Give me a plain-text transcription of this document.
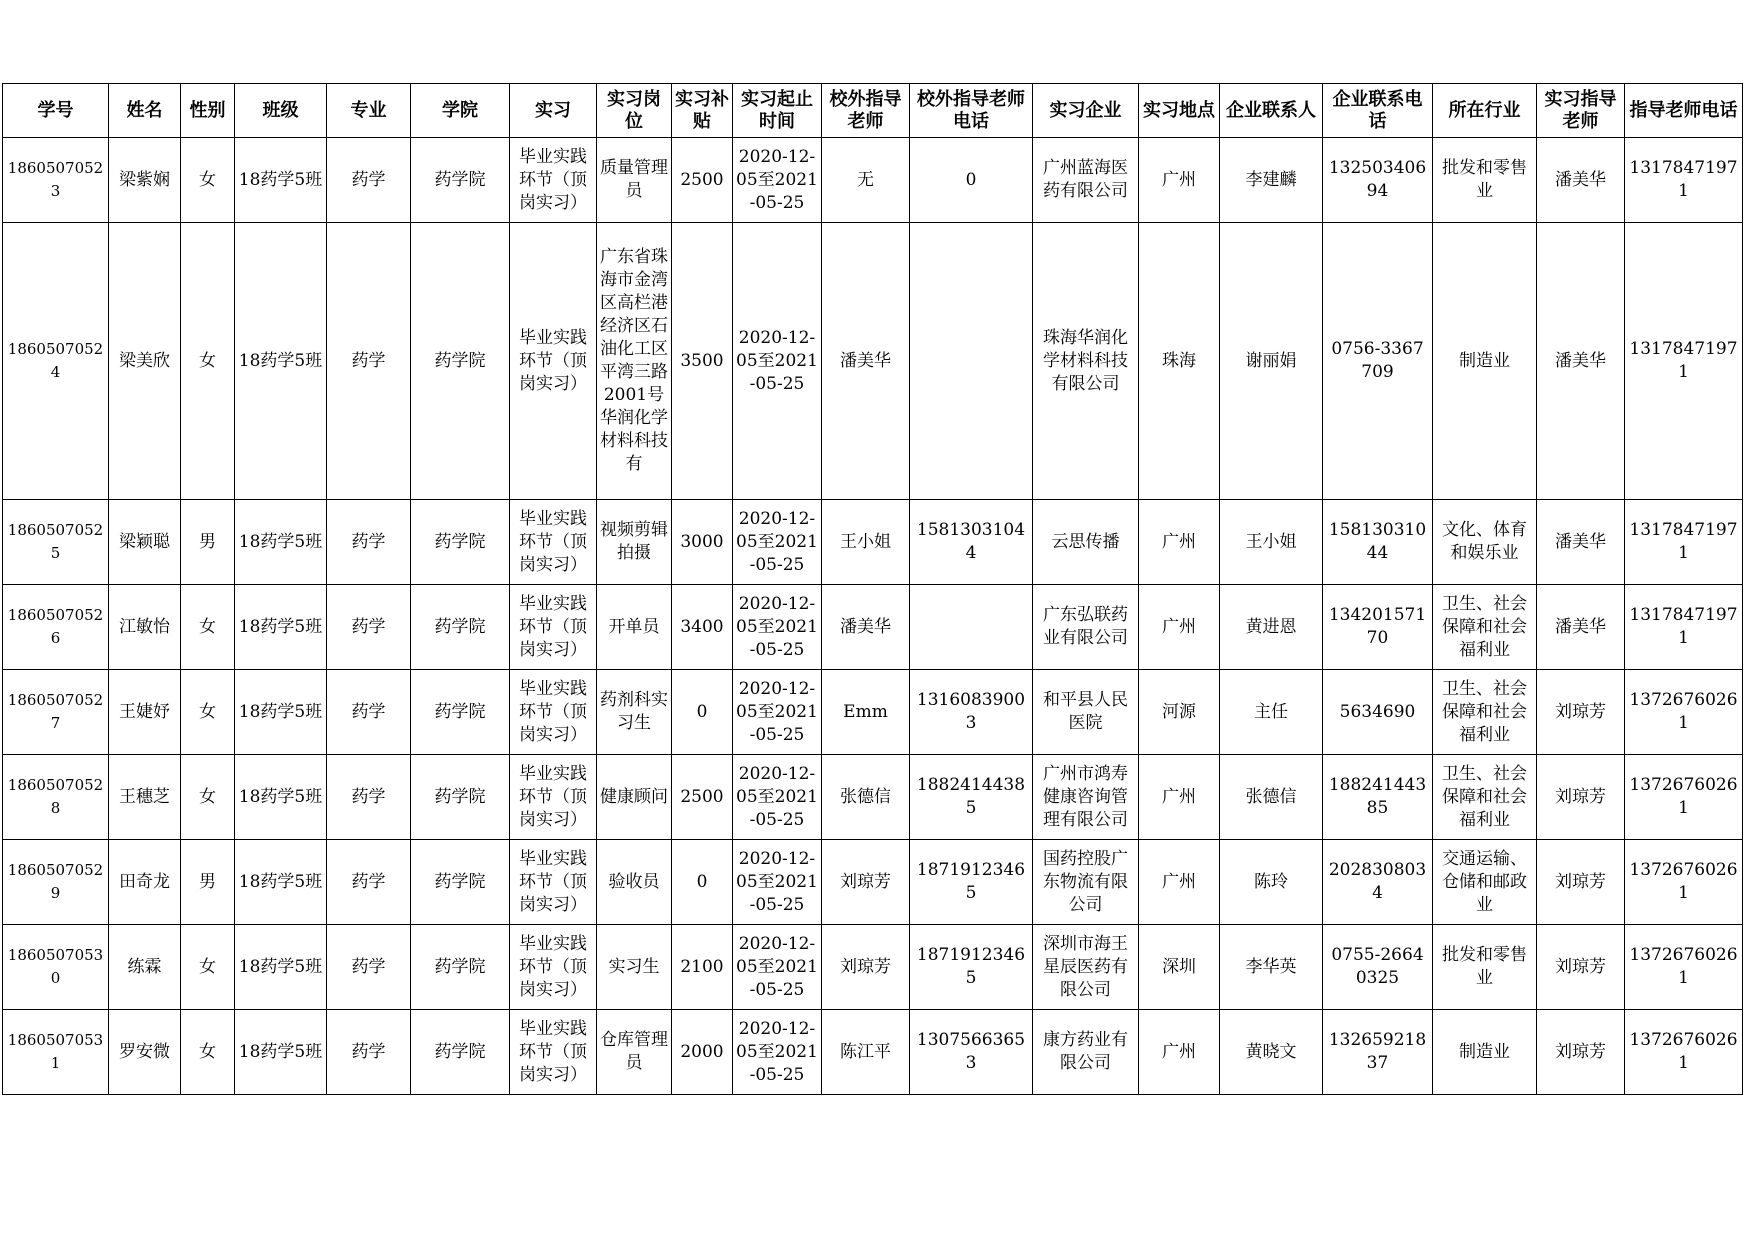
学号	姓名	性别	班级	专业	学院	实习	实习岗位	实习补贴	实习起止时间	校外指导老师	校外指导老师电话	实习企业	实习地点	企业联系人	企业联系电话	所在行业	实习指导老师	指导老师电话

18605070523	梁紫娴	女	18药学5班	药学	药学院	毕业实践环节（顶岗实习）	质量管理员	2500	2020-12-05至2021-05-25	无	0	广州蓝海医药有限公司	广州	李建麟	13250340694	批发和零售业	潘美华	13178471971

18605070524	梁美欣	女	18药学5班	药学	药学院	毕业实践环节（顶岗实习）	广东省珠海市金湾区高栏港经济区石油化工区平湾三路2001号华润化学材料科技有	3500	2020-12-05至2021-05-25	潘美华		珠海华润化学材料科技有限公司	珠海	谢丽娟	0756-3367709	制造业	潘美华	13178471971

18605070525	梁颖聪	男	18药学5班	药学	药学院	毕业实践环节（顶岗实习）	视频剪辑拍摄	3000	2020-12-05至2021-05-25	王小姐	15813031044	云思传播	广州	王小姐	15813031044	文化、体育和娱乐业	潘美华	13178471971

18605070526	江敏怡	女	18药学5班	药学	药学院	毕业实践环节（顶岗实习）	开单员	3400	2020-12-05至2021-05-25	潘美华		广东弘联药业有限公司	广州	黄进恩	13420157170	卫生、社会保障和社会福利业	潘美华	13178471971

18605070527	王婕妤	女	18药学5班	药学	药学院	毕业实践环节（顶岗实习）	药剂科实习生	0	2020-12-05至2021-05-25	Emm	13160839003	和平县人民医院	河源	主任	5634690	卫生、社会保障和社会福利业	刘琼芳	13726760261

18605070528	王穗芝	女	18药学5班	药学	药学院	毕业实践环节（顶岗实习）	健康顾问	2500	2020-12-05至2021-05-25	张德信	18824144385	广州市鸿寿健康咨询管理有限公司	广州	张德信	18824144385	卫生、社会保障和社会福利业	刘琼芳	13726760261

18605070529	田奇龙	男	18药学5班	药学	药学院	毕业实践环节（顶岗实习）	验收员	0	2020-12-05至2021-05-25	刘琼芳	18719123465	国药控股广东物流有限公司	广州	陈玲	2028308034	交通运输、仓储和邮政业	刘琼芳	13726760261

18605070530	练霖	女	18药学5班	药学	药学院	毕业实践环节（顶岗实习）	实习生	2100	2020-12-05至2021-05-25	刘琼芳	18719123465	深圳市海王星辰医药有限公司	深圳	李华英	0755-26640325	批发和零售业	刘琼芳	13726760261

18605070531	罗安微	女	18药学5班	药学	药学院	毕业实践环节（顶岗实习）	仓库管理员	2000	2020-12-05至2021-05-25	陈江平	13075663653	康方药业有限公司	广州	黄晓文	13265921837	制造业	刘琼芳	13726760261
